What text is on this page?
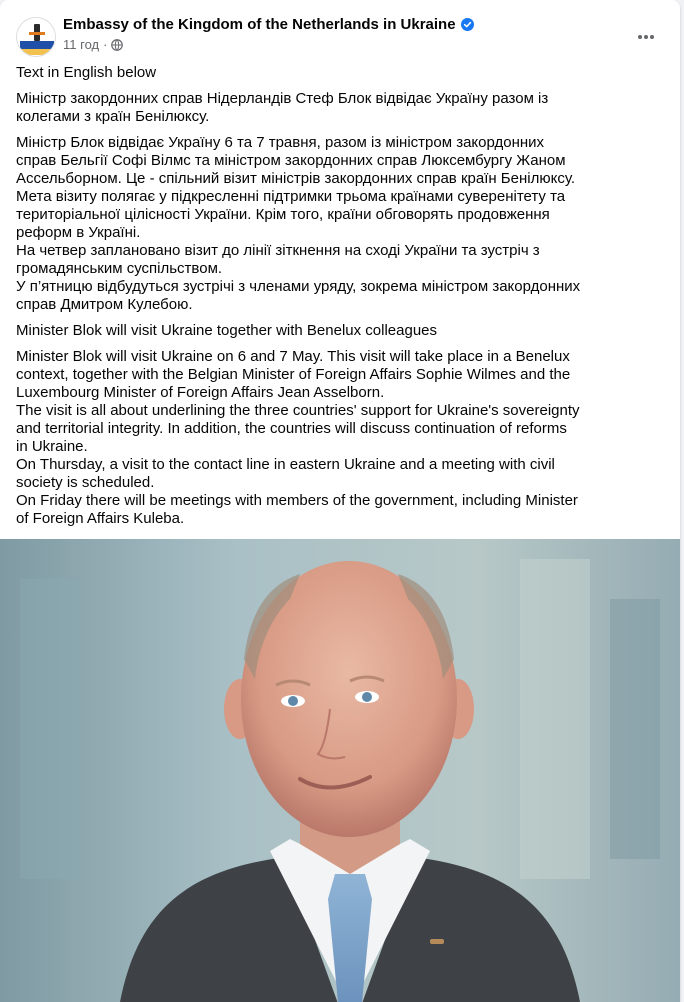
Embassy of the Kingdom of the Netherlands in Ukraine
11 год ·

Text in English below

Міністр закордонних справ Нідерландів Стеф Блок відвідає Україну разом із
колегами з країн Бенілюксу.

Міністр Блок відвідає Україну 6 та 7 травня, разом із міністром закордонних
справ Бельгії Софі Вілмс та міністром закордонних справ Люксембургу Жаном
Ассельборном. Це - спільний візит міністрів закордонних справ країн Бенілюксу.
Мета візиту полягає у підкресленні підтримки трьома країнами суверенітету та
територіальної цілісності України. Крім того, країни обговорять продовження
реформ в Україні.
На четвер заплановано візит до лінії зіткнення на сході України та зустріч з
громадянським суспільством.
У п’ятницю відбудуться зустрічі з членами уряду, зокрема міністром закордонних
справ Дмитром Кулебою.

Minister Blok will visit Ukraine together with Benelux colleagues

Minister Blok will visit Ukraine on 6 and 7 May. This visit will take place in a Benelux
context, together with the Belgian Minister of Foreign Affairs Sophie Wilmes and the
Luxembourg Minister of Foreign Affairs Jean Asselborn.
The visit is all about underlining the three countries' support for Ukraine's sovereignty
and territorial integrity. In addition, the countries will discuss continuation of reforms
in Ukraine.
On Thursday, a visit to the contact line in eastern Ukraine and a meeting with civil
society is scheduled.
On Friday there will be meetings with members of the government, including Minister
of Foreign Affairs Kuleba.
